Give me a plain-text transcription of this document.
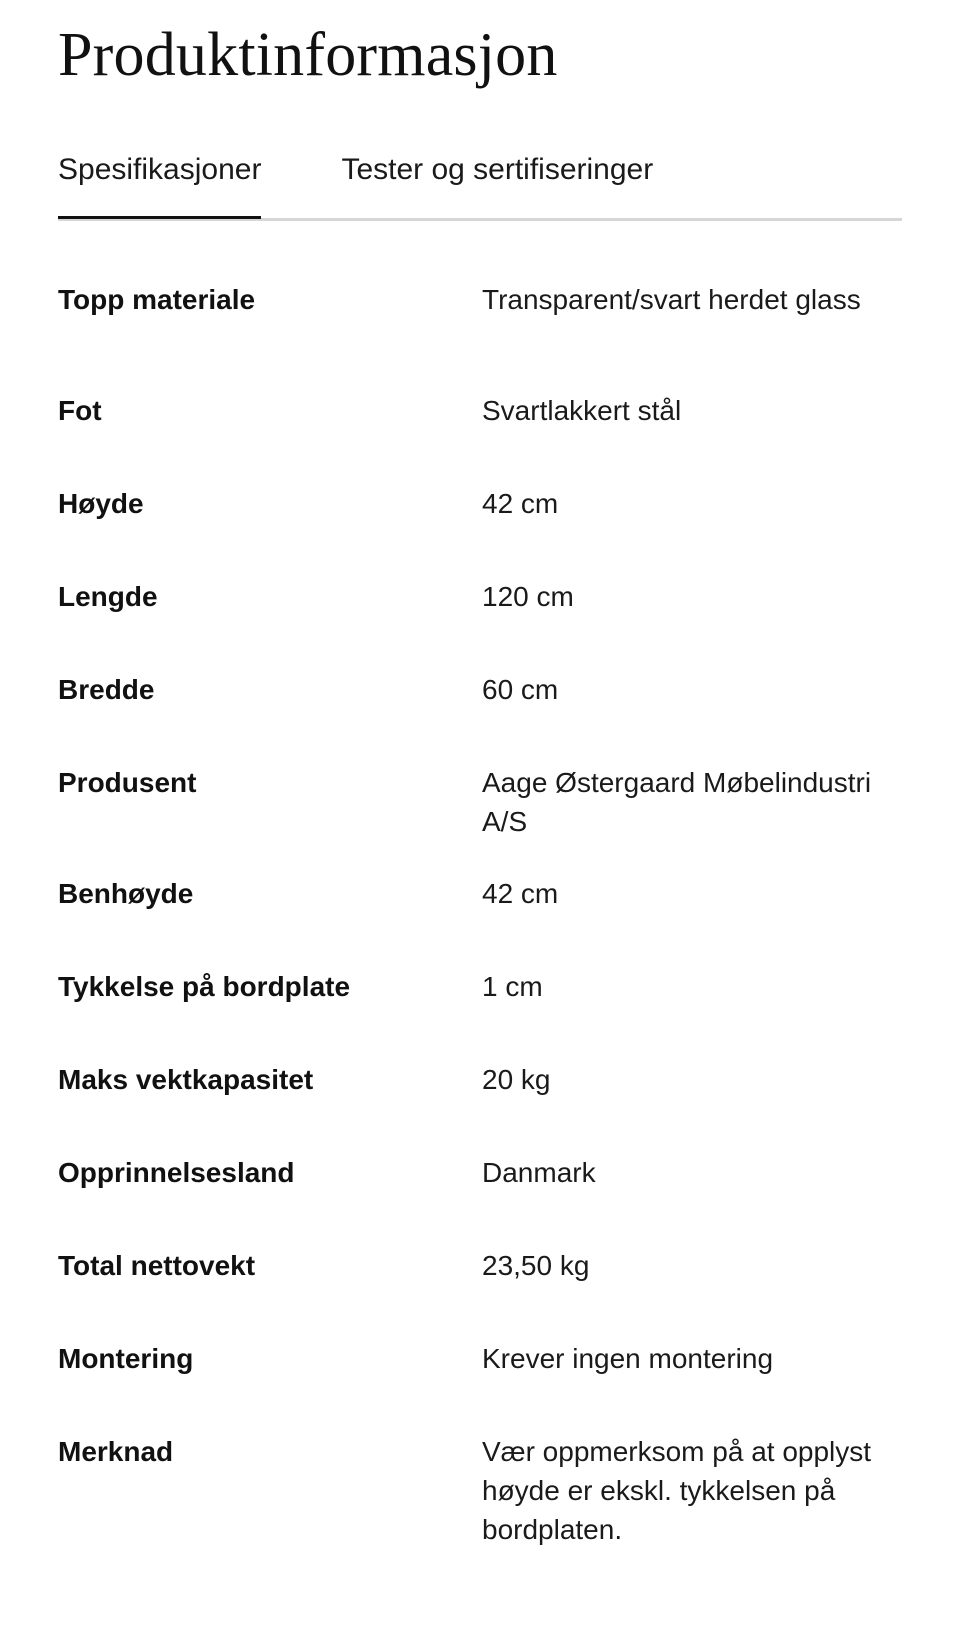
Produktinformasjon
Spesifikasjoner	Tester og sertifiseringer
Topp materiale	Transparent/svart herdet glass
Fot	Svartlakkert stål
Høyde	42 cm
Lengde	120 cm
Bredde	60 cm
Produsent	Aage Østergaard Møbelindustri A/S
Benhøyde	42 cm
Tykkelse på bordplate	1 cm
Maks vektkapasitet	20 kg
Opprinnelsesland	Danmark
Total nettovekt	23,50 kg
Montering	Krever ingen montering
Merknad	Vær oppmerksom på at opplyst høyde er ekskl. tykkelsen på bordplaten.
